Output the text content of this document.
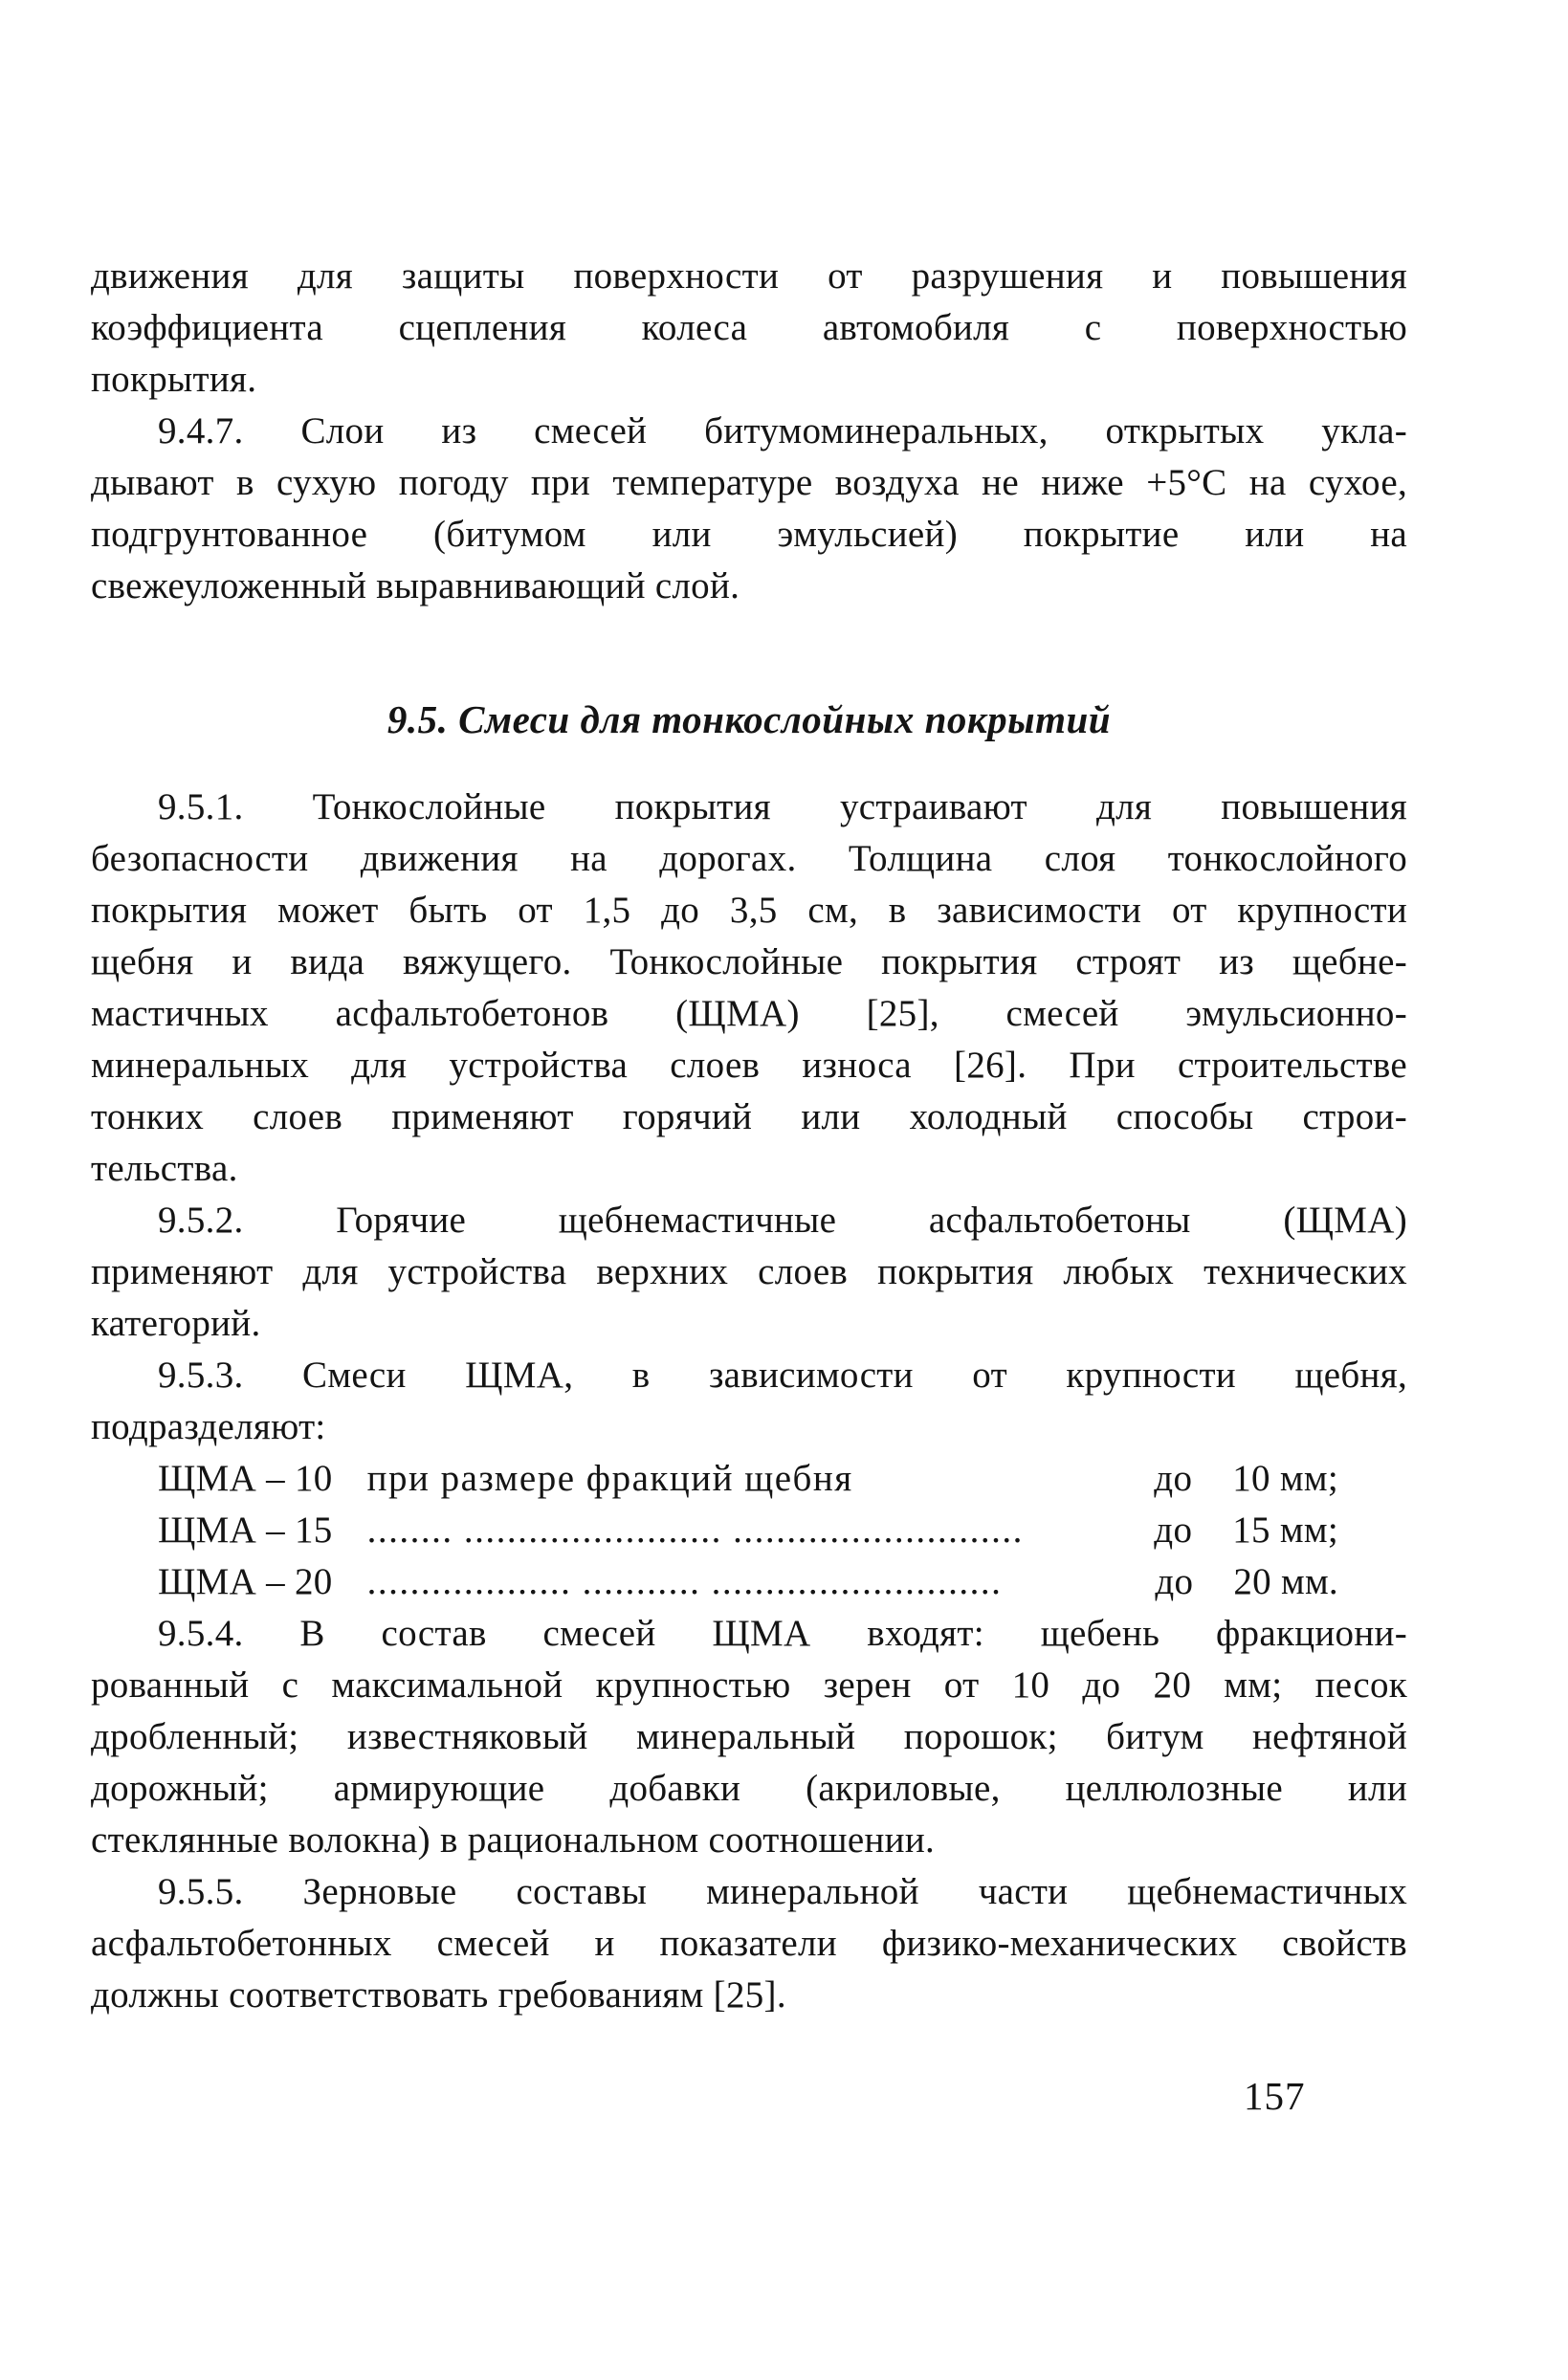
движения для защиты поверхности от разрушения и повышения
коэффициента сцепления колеса автомобиля с поверхностью
покрытия.
9.4.7. Слои из смесей битумоминеральных, открытых укла-
дывают в сухую погоду при температуре воздуха не ниже +5°С на сухое,
подгрунтованное (битумом или эмульсией) покрытие или на
свежеуложенный выравнивающий слой.
9.5. Смеси для тонкослойных покрытий
9.5.1. Тонкослойные покрытия устраивают для повышения
безопасности движения на дорогах. Толщина слоя тонкослойного
покрытия может быть от 1,5 до 3,5 см, в зависимости от крупности
щебня и вида вяжущего. Тонкослойные покрытия строят из щебне-
мастичных асфальтобетонов (ЩМА) [25], смесей эмульсионно-
минеральных для устройства слоев износа [26]. При строительстве
тонких слоев применяют горячий или холодный способы строи-
тельства.
9.5.2. Горячие щебнемастичные асфальтобетоны (ЩМА)
применяют для устройства верхних слоев покрытия любых технических
категорий.
9.5.3. Смеси ЩМА, в зависимости от крупности щебня,
подразделяют:
ЩМА – 10 при размере фракций щебня	до 10 мм;
ЩМА – 15 ........ ........................ ...........................	до 15 мм;
ЩМА – 20 ................... ........... ...........................	до 20 мм.
9.5.4. В состав смесей ЩМА входят: щебень фракциони-
рованный с максимальной крупностью зерен от 10 до 20 мм; песок
дробленный; известняковый минеральный порошок; битум нефтяной
дорожный; армирующие добавки (акриловые, целлюлозные или
стеклянные волокна) в рациональном соотношении.
9.5.5. Зерновые составы минеральной части щебнемастичных
асфальтобетонных смесей и показатели физико-механических свойств
должны соответствовать гребованиям [25].
157
